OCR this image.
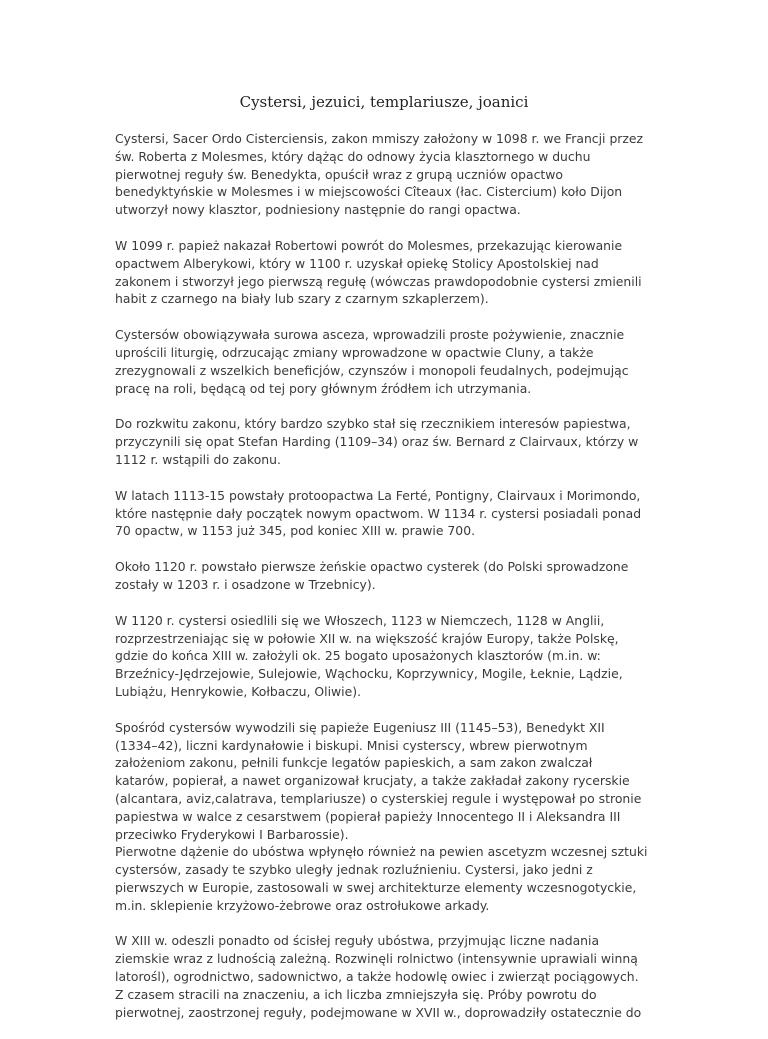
Cystersi, jezuici, templariusze, joanici

Cystersi, Sacer Ordo Cisterciensis, zakon mmiszy założony w 1098 r. we Francji przez
św. Roberta z Molesmes, który dążąc do odnowy życia klasztornego w duchu
pierwotnej reguły św. Benedykta, opuścił wraz z grupą uczniów opactwo
benedyktyńskie w Molesmes i w miejscowości Cîteaux (łac. Cistercium) koło Dijon
utworzył nowy klasztor, podniesiony następnie do rangi opactwa.

W 1099 r. papież nakazał Robertowi powrót do Molesmes, przekazując kierowanie
opactwem Alberykowi, który w 1100 r. uzyskał opiekę Stolicy Apostolskiej nad
zakonem i stworzył jego pierwszą regułę (wówczas prawdopodobnie cystersi zmienili
habit z czarnego na biały lub szary z czarnym szkaplerzem).

Cystersów obowiązywała surowa asceza, wprowadzili proste pożywienie, znacznie
uprościli liturgię, odrzucając zmiany wprowadzone w opactwie Cluny, a także
zrezygnowali z wszelkich beneficjów, czynszów i monopoli feudalnych, podejmując
pracę na roli, będącą od tej pory głównym źródłem ich utrzymania.

Do rozkwitu zakonu, który bardzo szybko stał się rzecznikiem interesów papiestwa,
przyczynili się opat Stefan Harding (1109–34) oraz św. Bernard z Clairvaux, którzy w
1112 r. wstąpili do zakonu.

W latach 1113-15 powstały protoopactwa La Ferté, Pontigny, Clairvaux i Morimondo,
które następnie dały początek nowym opactwom. W 1134 r. cystersi posiadali ponad
70 opactw, w 1153 już 345, pod koniec XIII w. prawie 700.

Około 1120 r. powstało pierwsze żeńskie opactwo cysterek (do Polski sprowadzone
zostały w 1203 r. i osadzone w Trzebnicy).

W 1120 r. cystersi osiedlili się we Włoszech, 1123 w Niemczech, 1128 w Anglii,
rozprzestrzeniając się w połowie XII w. na większość krajów Europy, także Polskę,
gdzie do końca XIII w. założyli ok. 25 bogato uposażonych klasztorów (m.in. w:
Brzeźnicy-Jędrzejowie, Sulejowie, Wąchocku, Koprzywnicy, Mogile, Łeknie, Lądzie,
Lubiążu, Henrykowie, Kołbaczu, Oliwie).

Spośród cystersów wywodzili się papieże Eugeniusz III (1145–53), Benedykt XII
(1334–42), liczni kardynałowie i biskupi. Mnisi cysterscy, wbrew pierwotnym
założeniom zakonu, pełnili funkcje legatów papieskich, a sam zakon zwalczał
katarów, popierał, a nawet organizował krucjaty, a także zakładał zakony rycerskie
(alcantara, aviz,calatrava, templariusze) o cysterskiej regule i występował po stronie
papiestwa w walce z cesarstwem (popierał papieży Innocentego II i Aleksandra III
przeciwko Fryderykowi I Barbarossie).

Pierwotne dążenie do ubóstwa wpłynęło również na pewien ascetyzm wczesnej sztuki
cystersów, zasady te szybko uległy jednak rozluźnieniu. Cystersi, jako jedni z
pierwszych w Europie, zastosowali w swej architekturze elementy wczesnogotyckie,
m.in. sklepienie krzyżowo-żebrowe oraz ostrołukowe arkady.

W XIII w. odeszli ponadto od ścisłej reguły ubóstwa, przyjmując liczne nadania
ziemskie wraz z ludnością zależną. Rozwinęli rolnictwo (intensywnie uprawiali winną
latorośl), ogrodnictwo, sadownictwo, a także hodowlę owiec i zwierząt pociągowych.
Z czasem stracili na znaczeniu, a ich liczba zmniejszyła się. Próby powrotu do
pierwotnej, zaostrzonej reguły, podejmowane w XVII w., doprowadziły ostatecznie do
